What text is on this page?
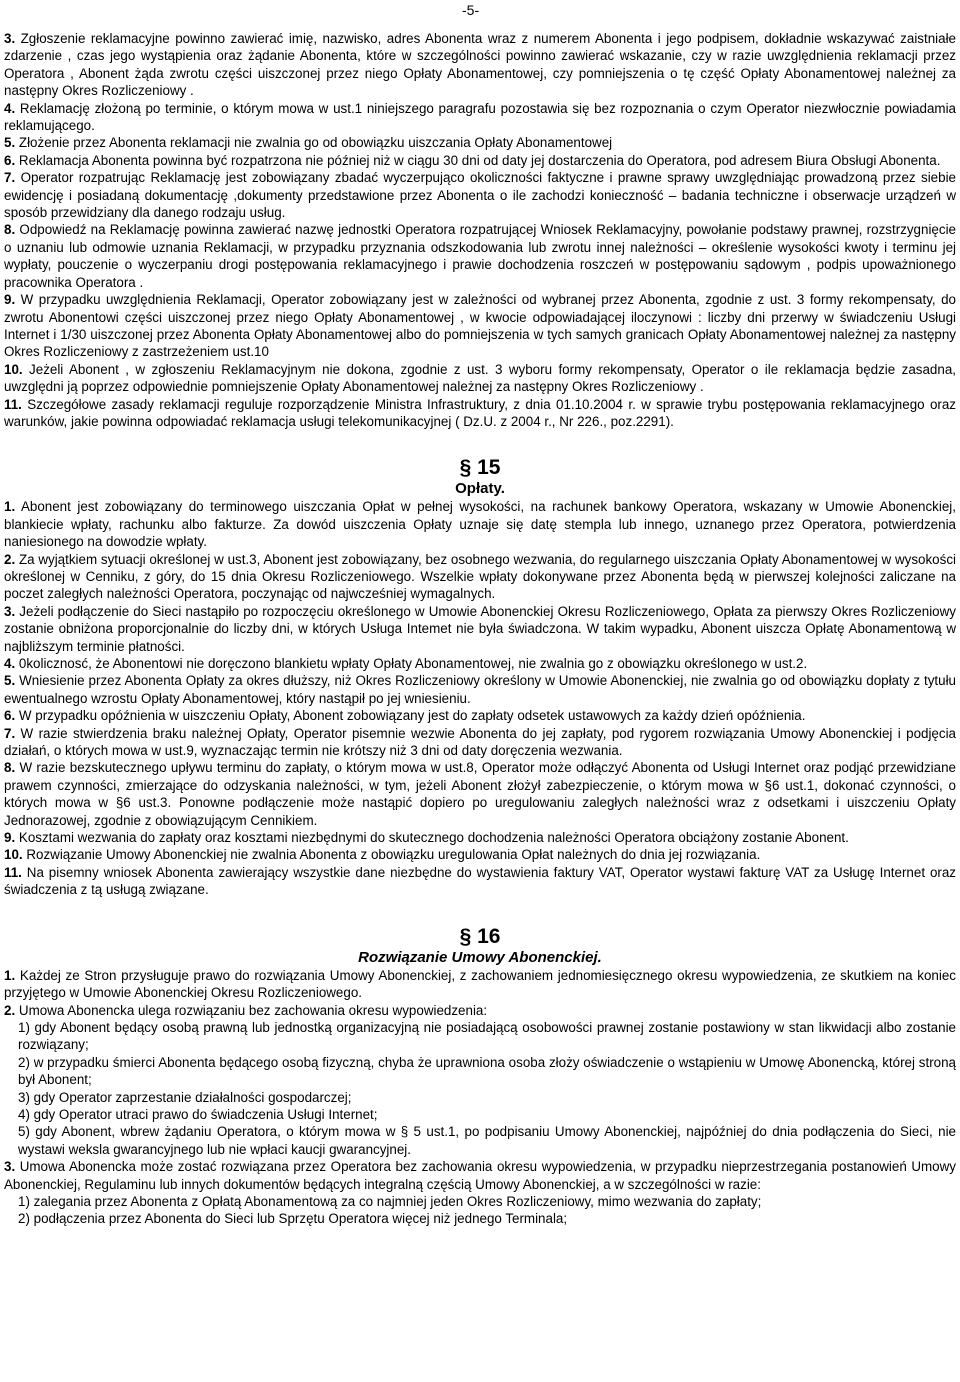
-5-

3. Zgłoszenie reklamacyjne powinno zawierać imię, nazwisko, adres Abonenta wraz z numerem Abonenta i jego podpisem, dokładnie wskazywać zaistniałe zdarzenie , czas jego wystąpienia oraz żądanie Abonenta, które w szczególności powinno zawierać wskazanie, czy w razie uwzględnienia reklamacji przez Operatora , Abonent żąda zwrotu części uiszczonej przez niego Opłaty Abonamentowej, czy pomniejszenia o tę część Opłaty Abonamentowej należnej za następny Okres Rozliczeniowy .

4. Reklamację złożoną po terminie, o którym mowa w ust.1 niniejszego paragrafu pozostawia się bez rozpoznania o czym Operator niezwłocznie powiadamia reklamującego.

5. Złożenie przez Abonenta reklamacji nie zwalnia go od obowiązku uiszczania Opłaty Abonamentowej

6. Reklamacja Abonenta powinna być rozpatrzona nie później niż w ciągu 30 dni od daty jej dostarczenia do Operatora, pod adresem Biura Obsługi Abonenta.

7. Operator rozpatrując Reklamację jest zobowiązany zbadać wyczerpująco okoliczności faktyczne i prawne sprawy uwzględniając prowadzoną przez siebie ewidencję i posiadaną dokumentację ,dokumenty przedstawione przez Abonenta o ile zachodzi konieczność – badania techniczne i obserwacje urządzeń w sposób przewidziany dla danego rodzaju usług.

8. Odpowiedź na Reklamację powinna zawierać nazwę jednostki Operatora rozpatrującej Wniosek Reklamacyjny, powołanie podstawy prawnej, rozstrzygnięcie o uznaniu lub odmowie uznania Reklamacji, w przypadku przyznania odszkodowania lub zwrotu innej należności – określenie wysokości kwoty i terminu jej wypłaty, pouczenie o wyczerpaniu drogi postępowania reklamacyjnego i prawie dochodzenia roszczeń w postępowaniu sądowym , podpis upoważnionego pracownika Operatora .

9. W przypadku uwzględnienia Reklamacji, Operator zobowiązany jest w zależności od wybranej przez Abonenta, zgodnie z ust. 3 formy rekompensaty, do zwrotu Abonentowi części uiszczonej przez niego Opłaty Abonamentowej , w kwocie odpowiadającej iloczynowi : liczby dni przerwy w świadczeniu Usługi Internet i 1/30 uiszczonej przez Abonenta Opłaty Abonamentowej albo do pomniejszenia w tych samych granicach Opłaty Abonamentowej należnej za następny Okres Rozliczeniowy z zastrzeżeniem ust.10

10. Jeżeli Abonent , w zgłoszeniu Reklamacyjnym nie dokona, zgodnie z ust. 3 wyboru formy rekompensaty, Operator o ile reklamacja będzie zasadna, uwzględni ją poprzez odpowiednie pomniejszenie Opłaty Abonamentowej należnej za następny Okres Rozliczeniowy .

11. Szczegółowe zasady reklamacji reguluje rozporządzenie Ministra Infrastruktury, z dnia 01.10.2004 r. w sprawie trybu postępowania reklamacyjnego oraz warunków, jakie powinna odpowiadać reklamacja usługi telekomunikacyjnej ( Dz.U. z 2004 r., Nr 226., poz.2291).

§ 15
Opłaty.

1. Abonent jest zobowiązany do terminowego uiszczania Opłat w pełnej wysokości, na rachunek bankowy Operatora, wskazany w Umowie Abonenckiej, blankiecie wpłaty, rachunku albo fakturze. Za dowód uiszczenia Opłaty uznaje się datę stempla lub innego, uznanego przez Operatora, potwierdzenia naniesionego na dowodzie wpłaty.

2. Za wyjątkiem sytuacji określonej w ust.3, Abonent jest zobowiązany, bez osobnego wezwania, do regularnego uiszczania Opłaty Abonamentowej w wysokości określonej w Cenniku, z góry, do 15 dnia Okresu Rozliczeniowego. Wszelkie wpłaty dokonywane przez Abonenta będą w pierwszej kolejności zaliczane na poczet zaległych należności Operatora, poczynając od najwcześniej wymagalnych.

3. Jeżeli podłączenie do Sieci nastąpiło po rozpoczęciu określonego w Umowie Abonenckiej Okresu Rozliczeniowego, Opłata za pierwszy Okres Rozliczeniowy zostanie obniżona proporcjonalnie do liczby dni, w których Usługa Intemet nie była świadczona. W takim wypadku, Abonent uiszcza Opłatę Abonamentową w najbliższym terminie płatności.

4. 0kolicznosć, że Abonentowi nie doręczono blankietu wpłaty Opłaty Abonamentowej, nie zwalnia go z obowiązku określonego w ust.2.

5. Wniesienie przez Abonenta Opłaty za okres dłuższy, niż Okres Rozliczeniowy określony w Umowie Abonenckiej, nie zwalnia go od obowiązku dopłaty z tytułu ewentualnego wzrostu Opłaty Abonamentowej, który nastąpił po jej wniesieniu.

6. W przypadku opóźnienia w uiszczeniu Opłaty, Abonent zobowiązany jest do zapłaty odsetek ustawowych za każdy dzień opóźnienia.

7. W razie stwierdzenia braku należnej Opłaty, Operator pisemnie wezwie Abonenta do jej zapłaty, pod rygorem rozwiązania Umowy Abonenckiej i podjęcia działań, o których mowa w ust.9, wyznaczając termin nie krótszy niż 3 dni od daty doręczenia wezwania.

8. W razie bezskutecznego upływu terminu do zapłaty, o którym mowa w ust.8, Operator może odłączyć Abonenta od Usługi Internet oraz podjąć przewidziane prawem czynności, zmierzające do odzyskania należności, w tym, jeżeli Abonent złożył zabezpieczenie, o którym mowa w §6 ust.1, dokonać czynności, o których mowa w §6 ust.3. Ponowne podłączenie może nastąpić dopiero po uregulowaniu zaległych należności wraz z odsetkami i uiszczeniu Opłaty Jednorazowej, zgodnie z obowiązującym Cennikiem.

9. Kosztami wezwania do zapłaty oraz kosztami niezbędnymi do skutecznego dochodzenia należności Operatora obciążony zostanie Abonent.

10. Rozwiązanie Umowy Abonenckiej nie zwalnia Abonenta z obowiązku uregulowania Opłat należnych do dnia jej rozwiązania.

11. Na pisemny wniosek Abonenta zawierający wszystkie dane niezbędne do wystawienia faktury VAT, Operator wystawi fakturę VAT za Usługę Internet oraz świadczenia z tą usługą związane.

§ 16
Rozwiązanie Umowy Abonenckiej.

1. Każdej ze Stron przysługuje prawo do rozwiązania Umowy Abonenckiej, z zachowaniem jednomiesięcznego okresu wypowiedzenia, ze skutkiem na koniec przyjętego w Umowie Abonenckiej Okresu Rozliczeniowego.

2. Umowa Abonencka ulega rozwiązaniu bez zachowania okresu wypowiedzenia:

1) gdy Abonent będący osobą prawną lub jednostką organizacyjną nie posiadającą osobowości prawnej zostanie postawiony w stan likwidacji albo zostanie rozwiązany;

2) w przypadku śmierci Abonenta będącego osobą fizyczną, chyba że uprawniona osoba złoży oświadczenie o wstąpieniu w Umowę Abonencką, której stroną był Abonent;

3) gdy Operator zaprzestanie działalności gospodarczej;

4) gdy Operator utraci prawo do świadczenia Usługi Internet;

5) gdy Abonent, wbrew żądaniu Operatora, o którym mowa w § 5 ust.1, po podpisaniu Umowy Abonenckiej, najpóźniej do dnia podłączenia do Sieci, nie wystawi weksla gwarancyjnego lub nie wpłaci kaucji gwarancyjnej.

3. Umowa Abonencka może zostać rozwiązana przez Operatora bez zachowania okresu wypowiedzenia, w przypadku nieprzestrzegania postanowień Umowy Abonenckiej, Regulaminu lub innych dokumentów będących integralną częścią Umowy Abonenckiej, a w szczególności w razie:

1) zalegania przez Abonenta z Opłatą Abonamentową za co najmniej jeden Okres Rozliczeniowy, mimo wezwania do zapłaty;

2) podłączenia przez Abonenta do Sieci lub Sprzętu Operatora więcej niż jednego Terminala;
